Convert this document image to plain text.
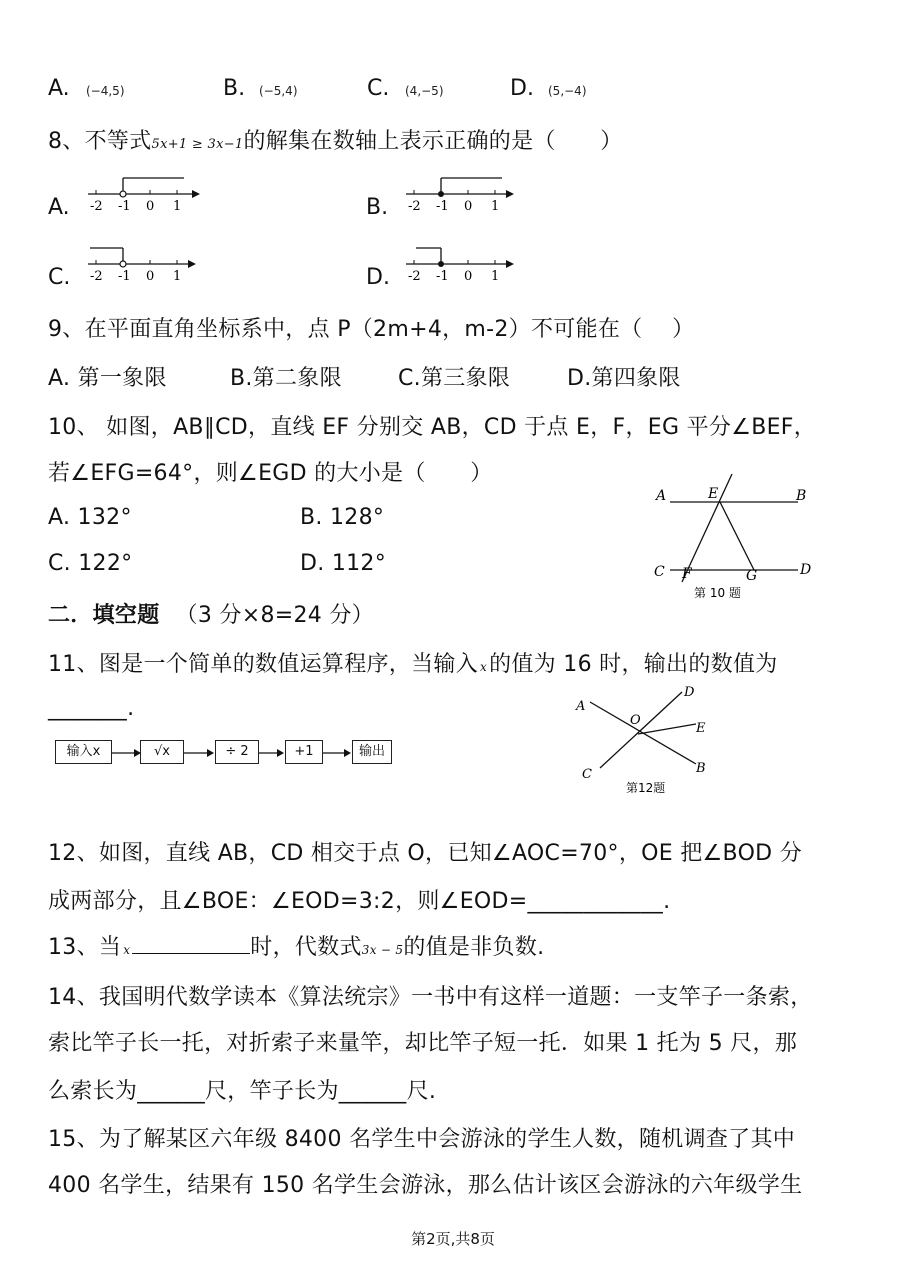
A. (−4,5)	B. (−5,4)	C. (4,−5)	D. (5,−4)
8、不等式5x+1 ≥ 3x−1的解集在数轴上表示正确的是（　　）
A. -2 -1 0 1	B. -2 -1 0 1
C. -2 -1 0 1	D. -2 -1 0 1
9、在平面直角坐标系中，点 P（2m+4，m-2）不可能在（　 ）
A. 第一象限	B.第二象限	C.第三象限	D.第四象限
10、 如图，AB∥CD，直线 EF 分别交 AB，CD 于点 E，F，EG 平分∠BEF，
若∠EFG=64°，则∠EGD 的大小是（　　）
A. 132°	B. 128°
C. 122°	D. 112°
A	E	B
C F	G	D
第 10 题
二．填空题 （3 分×8=24 分）
11、图是一个简单的数值运算程序，当输入 x的值为 16 时，输出的数值为
_______.
输入x	√x	÷ 2	+1	输出
A
D
O
E
C	B
第12题
12、如图，直线 AB，CD 相交于点 O，已知∠AOC=70°，OE 把∠BOD 分
成两部分，且∠BOE：∠EOD=3:2，则∠EOD=____________.
13、当 x	时，代数式3x − 5的值是非负数.
14、我国明代数学读本《算法统宗》一书中有这样一道题：一支竿子一条索，
索比竿子长一托，对折索子来量竿，却比竿子短一托．如果 1 托为 5 尺，那
么索长为______尺，竿子长为______尺.
15、为了解某区六年级 8400 名学生中会游泳的学生人数，随机调查了其中
400 名学生，结果有 150 名学生会游泳，那么估计该区会游泳的六年级学生
第2页,共8页
